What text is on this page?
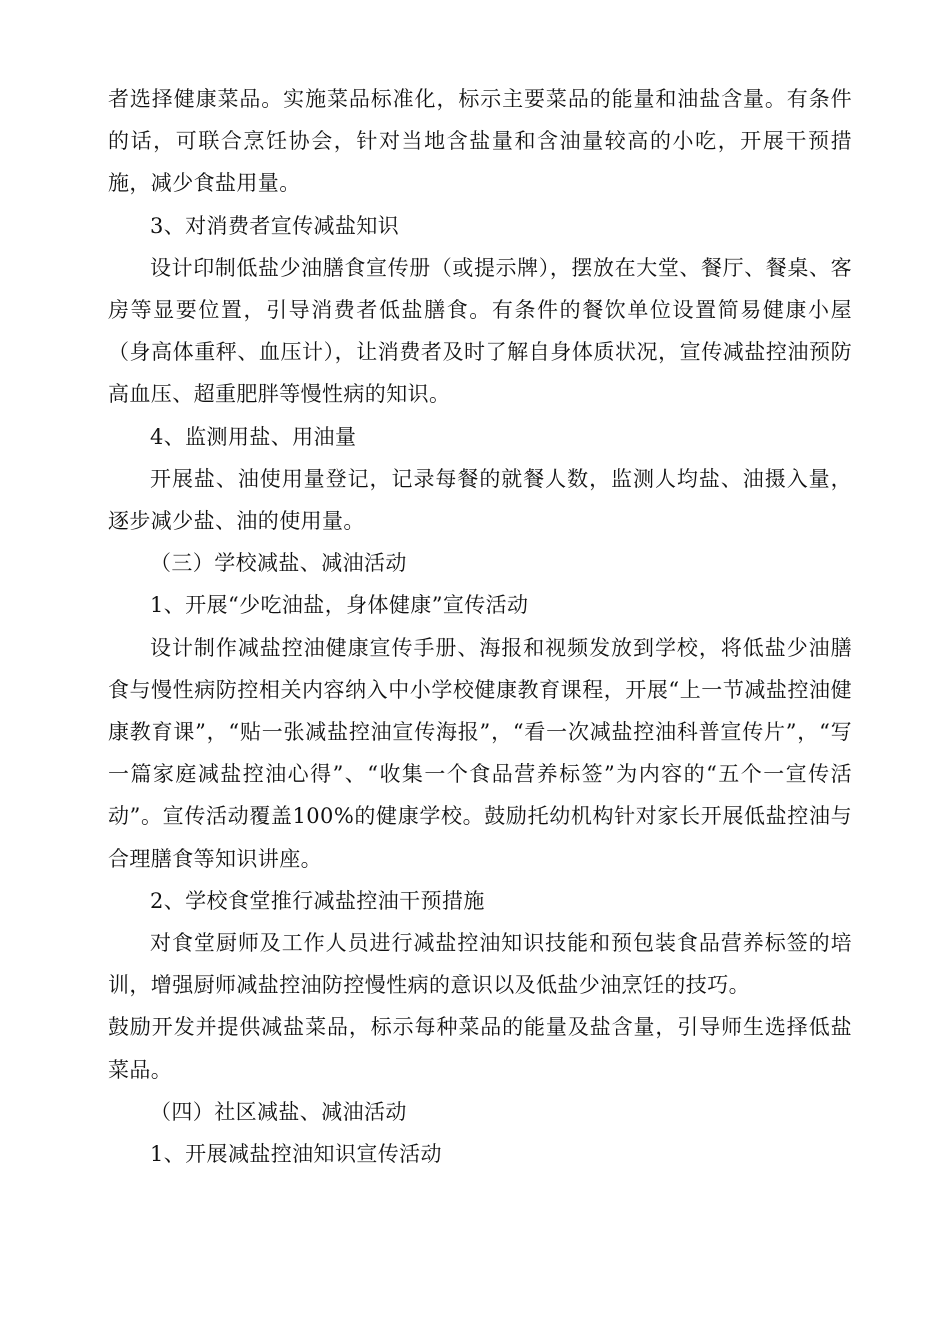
者选择健康菜品。实施菜品标准化，标示主要菜品的能量和油盐含量。有条件的话，可联合烹饪协会，针对当地含盐量和含油量较高的小吃，开展干预措施，减少食盐用量。

3、对消费者宣传减盐知识

设计印制低盐少油膳食宣传册（或提示牌），摆放在大堂、餐厅、餐桌、客房等显要位置，引导消费者低盐膳食。有条件的餐饮单位设置简易健康小屋（身高体重秤、血压计），让消费者及时了解自身体质状况，宣传减盐控油预防高血压、超重肥胖等慢性病的知识。

4、监测用盐、用油量

开展盐、油使用量登记，记录每餐的就餐人数，监测人均盐、油摄入量，逐步减少盐、油的使用量。

（三）学校减盐、减油活动

1、开展“少吃油盐，身体健康”宣传活动

设计制作减盐控油健康宣传手册、海报和视频发放到学校，将低盐少油膳食与慢性病防控相关内容纳入中小学校健康教育课程，开展“上一节减盐控油健康教育课”，“贴一张减盐控油宣传海报”，“看一次减盐控油科普宣传片”，“写一篇家庭减盐控油心得”、“收集一个食品营养标签”为内容的“五个一宣传活动”。宣传活动覆盖100%的健康学校。鼓励托幼机构针对家长开展低盐控油与合理膳食等知识讲座。

2、学校食堂推行减盐控油干预措施

对食堂厨师及工作人员进行减盐控油知识技能和预包装食品营养标签的培训，增强厨师减盐控油防控慢性病的意识以及低盐少油烹饪的技巧。

鼓励开发并提供减盐菜品，标示每种菜品的能量及盐含量，引导师生选择低盐菜品。

（四）社区减盐、减油活动

1、开展减盐控油知识宣传活动
